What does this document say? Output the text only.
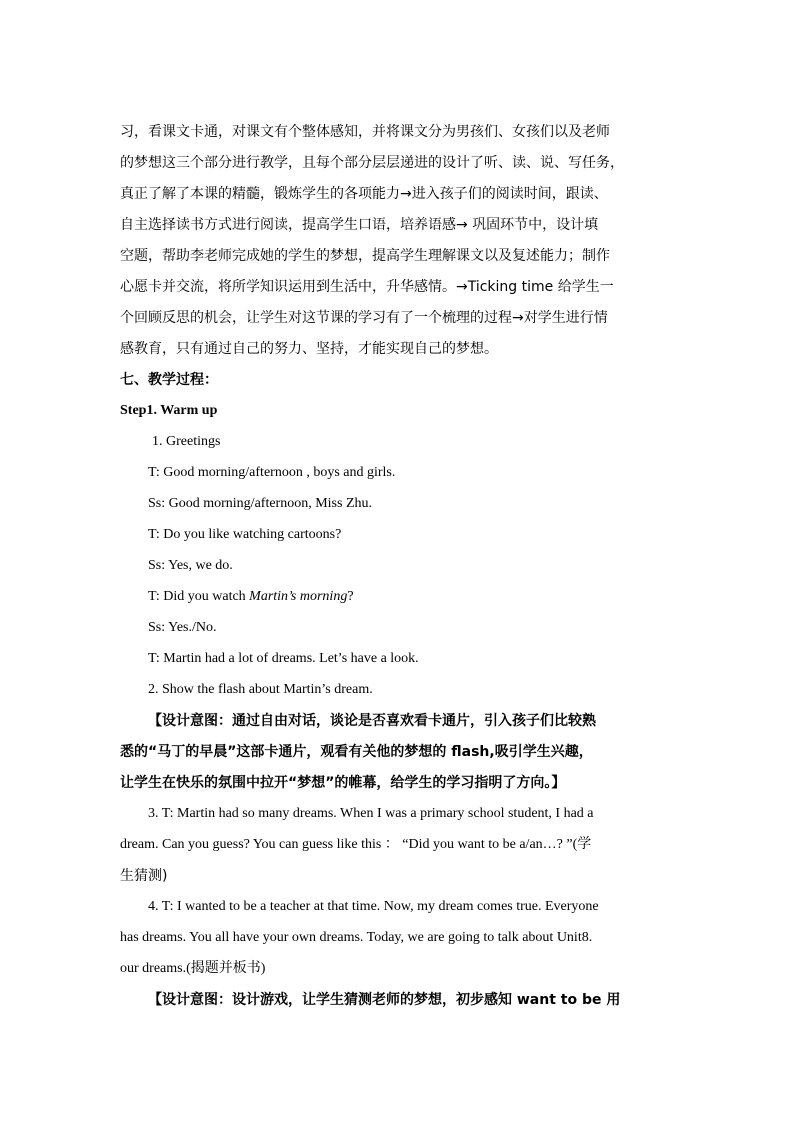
习，看课文卡通，对课文有个整体感知，并将课文分为男孩们、女孩们以及老师
的梦想这三个部分进行教学，且每个部分层层递进的设计了听、读、说、写任务，
真正了解了本课的精髓，锻炼学生的各项能力→进入孩子们的阅读时间，跟读、
自主选择读书方式进行阅读，提高学生口语，培养语感→ 巩固环节中，设计填
空题，帮助李老师完成她的学生的梦想，提高学生理解课文以及复述能力；制作
心愿卡并交流，将所学知识运用到生活中，升华感情。→Ticking time 给学生一
个回顾反思的机会，让学生对这节课的学习有了一个梳理的过程→对学生进行情
感教育，只有通过自己的努力、坚持，才能实现自己的梦想。
七、教学过程：
Step1. Warm up
1. Greetings
T: Good morning/afternoon , boys and girls.
Ss: Good morning/afternoon, Miss Zhu.
T: Do you like watching cartoons?
Ss: Yes, we do.
T: Did you watch Martin’s morning?
Ss: Yes./No.
T: Martin had a lot of dreams. Let’s have a look.
2. Show the flash about Martin’s dream.
【设计意图：通过自由对话，谈论是否喜欢看卡通片，引入孩子们比较熟
悉的“马丁的早晨”这部卡通片，观看有关他的梦想的 flash,吸引学生兴趣，
让学生在快乐的氛围中拉开“梦想”的帷幕，给学生的学习指明了方向。】
3. T: Martin had so many dreams. When I was a primary school student, I had a
dream. Can you guess? You can guess like this ： “Did you want to be a/an…? ”(学
生猜测)
4. T: I wanted to be a teacher at that time. Now, my dream comes true. Everyone
has dreams. You all have your own dreams. Today, we are going to talk about Unit8.
our dreams.(揭题并板书)
【设计意图：设计游戏，让学生猜测老师的梦想，初步感知 want to be 用
